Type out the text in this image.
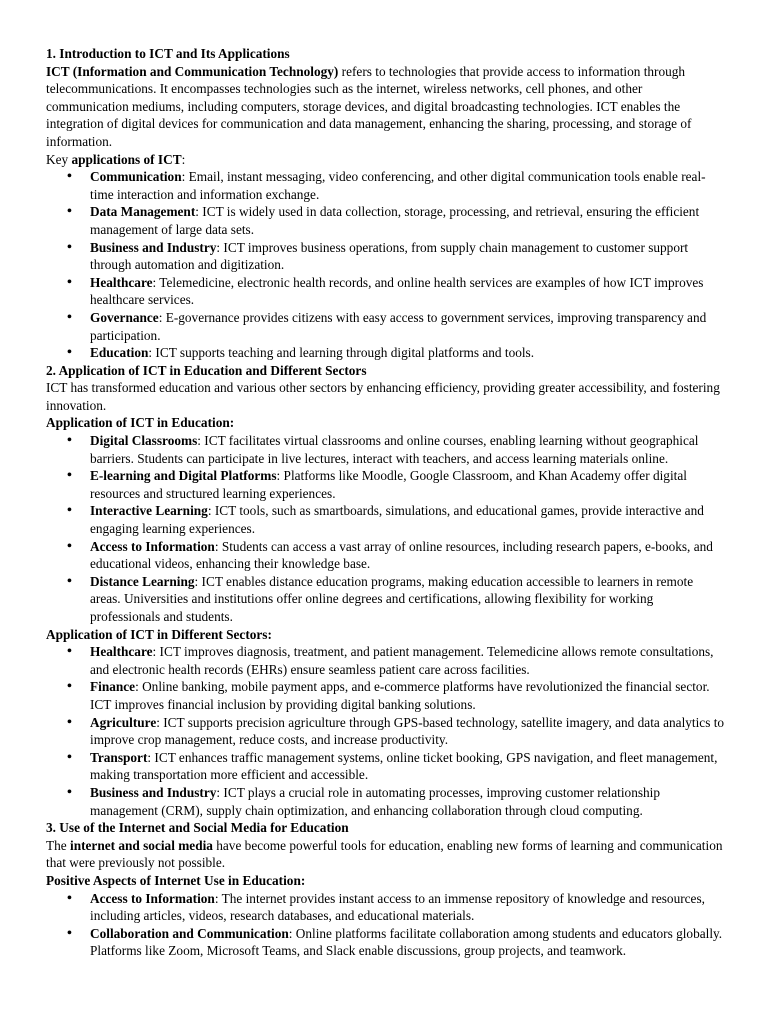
1. Introduction to ICT and Its Applications

ICT (Information and Communication Technology) refers to technologies that provide access to information through telecommunications. It encompasses technologies such as the internet, wireless networks, cell phones, and other communication mediums, including computers, storage devices, and digital broadcasting technologies. ICT enables the integration of digital devices for communication and data management, enhancing the sharing, processing, and storage of information.

Key applications of ICT:

• Communication: Email, instant messaging, video conferencing, and other digital communication tools enable real-time interaction and information exchange.
• Data Management: ICT is widely used in data collection, storage, processing, and retrieval, ensuring the efficient management of large data sets.
• Business and Industry: ICT improves business operations, from supply chain management to customer support through automation and digitization.
• Healthcare: Telemedicine, electronic health records, and online health services are examples of how ICT improves healthcare services.
• Governance: E-governance provides citizens with easy access to government services, improving transparency and participation.
• Education: ICT supports teaching and learning through digital platforms and tools.

2. Application of ICT in Education and Different Sectors

ICT has transformed education and various other sectors by enhancing efficiency, providing greater accessibility, and fostering innovation.

Application of ICT in Education:

• Digital Classrooms: ICT facilitates virtual classrooms and online courses, enabling learning without geographical barriers. Students can participate in live lectures, interact with teachers, and access learning materials online.
• E-learning and Digital Platforms: Platforms like Moodle, Google Classroom, and Khan Academy offer digital resources and structured learning experiences.
• Interactive Learning: ICT tools, such as smartboards, simulations, and educational games, provide interactive and engaging learning experiences.
• Access to Information: Students can access a vast array of online resources, including research papers, e-books, and educational videos, enhancing their knowledge base.
• Distance Learning: ICT enables distance education programs, making education accessible to learners in remote areas. Universities and institutions offer online degrees and certifications, allowing flexibility for working professionals and students.

Application of ICT in Different Sectors:

• Healthcare: ICT improves diagnosis, treatment, and patient management. Telemedicine allows remote consultations, and electronic health records (EHRs) ensure seamless patient care across facilities.
• Finance: Online banking, mobile payment apps, and e-commerce platforms have revolutionized the financial sector. ICT improves financial inclusion by providing digital banking solutions.
• Agriculture: ICT supports precision agriculture through GPS-based technology, satellite imagery, and data analytics to improve crop management, reduce costs, and increase productivity.
• Transport: ICT enhances traffic management systems, online ticket booking, GPS navigation, and fleet management, making transportation more efficient and accessible.
• Business and Industry: ICT plays a crucial role in automating processes, improving customer relationship management (CRM), supply chain optimization, and enhancing collaboration through cloud computing.

3. Use of the Internet and Social Media for Education

The internet and social media have become powerful tools for education, enabling new forms of learning and communication that were previously not possible.

Positive Aspects of Internet Use in Education:

• Access to Information: The internet provides instant access to an immense repository of knowledge and resources, including articles, videos, research databases, and educational materials.
• Collaboration and Communication: Online platforms facilitate collaboration among students and educators globally. Platforms like Zoom, Microsoft Teams, and Slack enable discussions, group projects, and teamwork.
